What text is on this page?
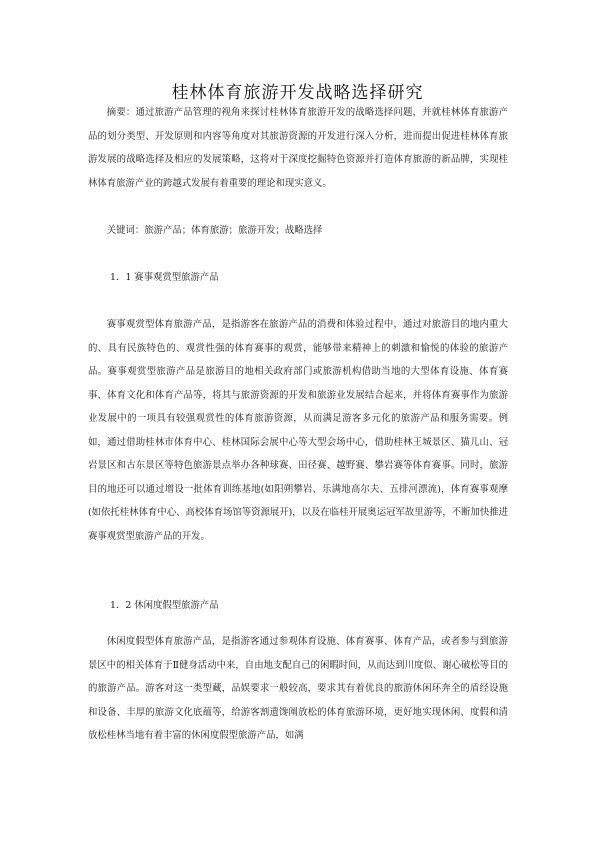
桂林体育旅游开发战略选择研究

摘要：通过旅游产品管理的视角来探讨桂林体育旅游开发的战略选择问题，并就桂林体育旅游产品的划分类型、开发原则和内容等角度对其旅游资源的开发进行深入分析，进而提出促进桂林体育旅游发展的战略选择及相应的发展策略，这将对于深度挖掘特色资源并打造体育旅游的新品牌，实现桂林体育旅游产业的跨越式发展有着重要的理论和现实意义。

关键词：旅游产品；体育旅游；旅游开发；战略选择

1．1 赛事观赏型旅游产品

赛事观赏型体育旅游产品，是指游客在旅游产品的消费和体验过程中，通过对旅游目的地内重大的、具有民族特色的、观赏性强的体育赛事的观赏，能够带来精神上的刺激和愉悦的体验的旅游产品。赛事观赏型旅游产品是旅游目的地相关政府部门或旅游机构借助当地的大型体育设施、体育赛事、体育文化和体育产品等，将其与旅游资源的开发和旅游业发展结合起来，并将体育赛事作为旅游业发展中的一项具有较强观赏性的体育旅游资源，从而满足游客多元化的旅游产品和服务需要。例如，通过借助桂林市体育中心、桂林国际会展中心等大型会场中心，借助桂林王城景区、猫儿山、冠岩景区和古东景区等特色旅游景点举办各种球赛、田径赛、越野赛、攀岩赛等体育赛事。同时，旅游目的地还可以通过增设一批体育训练基地(如阳朔攀岩、乐满地高尔夫、五排河漂流)，体育赛事观摩(如依托桂林体育中心、高校体育场馆等资源展开)，以及在临桂开展奥运冠军故里游等，不断加快推进赛事观赏型旅游产品的开发。

1．2 休闲度假型旅游产品

休闲度假型体育旅游产品，是指游客通过参观体育设施、体育赛事、体育产品，或者参与到旅游景区中的相关体育于Ⅱ健身活动中来，自由地支配自己的闲暇时间，从而达到川度似、谢心破松等目的的旅游产品。游客对这一类型藏，品娱要求一般较高，要求其有着优良的旅游休闲环奔全的盾经设施和设备、丰厚的旅游文化底蕴等，给游客割遗馋阐放松的体育旅游环境，更好地实现休闲、度假和清放松桂林当地有着丰富的休闲度假型旅游产品，如满
